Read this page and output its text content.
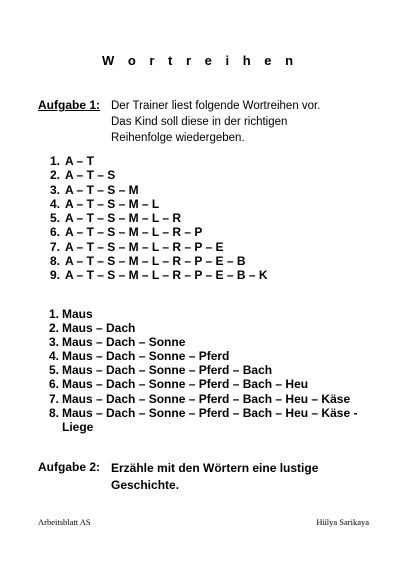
W o r t r e i h e n
Aufgabe 1: Der Trainer liest folgende Wortreihen vor.
Das Kind soll diese in der richtigen
Reihenfolge wiedergeben.
1. A – T
2. A – T – S
3. A – T – S – M
4. A – T – S – M – L
5. A – T – S – M – L – R
6. A – T – S – M – L – R – P
7. A – T – S – M – L – R – P – E
8. A – T – S – M – L – R – P – E – B
9. A – T – S – M – L – R – P – E – B – K
1. Maus
2. Maus – Dach
3. Maus – Dach – Sonne
4. Maus – Dach – Sonne – Pferd
5. Maus – Dach – Sonne – Pferd – Bach
6. Maus – Dach – Sonne – Pferd – Bach – Heu
7. Maus – Dach – Sonne – Pferd – Bach – Heu – Käse
8. Maus – Dach – Sonne – Pferd – Bach – Heu – Käse -
Liege
Aufgabe 2: Erzähle mit den Wörtern eine lustige
Geschichte.
Arbeitsblatt AS	Hülya Sarikaya
